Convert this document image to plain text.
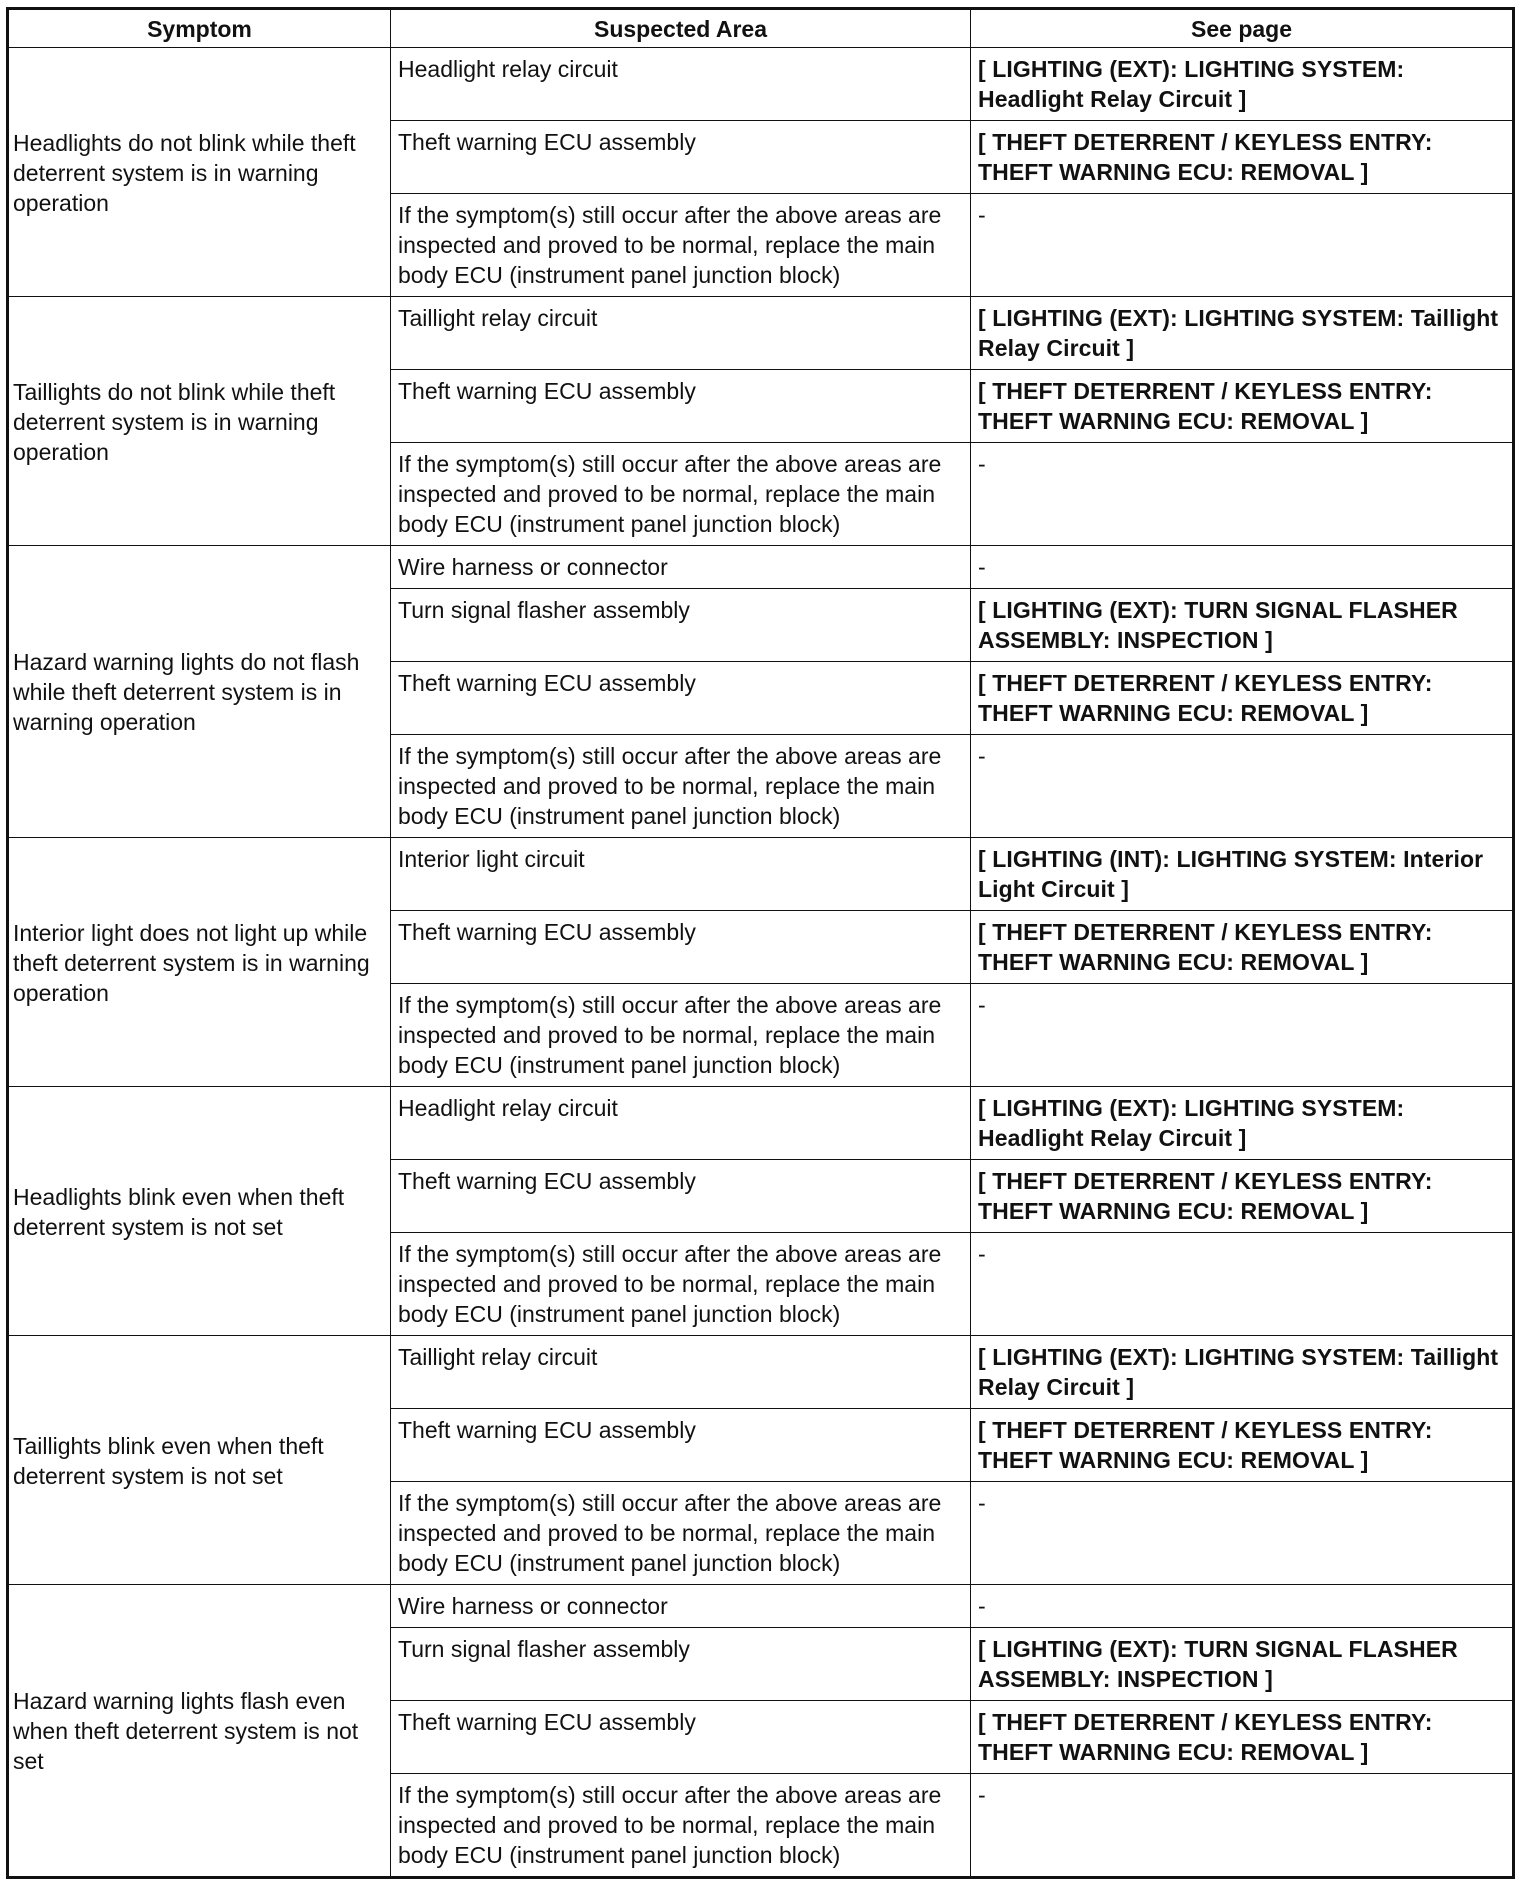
Symptom	Suspected Area	See page
Headlights do not blink while theft deterrent system is in warning operation	Headlight relay circuit	[ LIGHTING (EXT): LIGHTING SYSTEM: Headlight Relay Circuit ]
	Theft warning ECU assembly	[ THEFT DETERRENT / KEYLESS ENTRY: THEFT WARNING ECU: REMOVAL ]
	If the symptom(s) still occur after the above areas are inspected and proved to be normal, replace the main body ECU (instrument panel junction block)	-
Taillights do not blink while theft deterrent system is in warning operation	Taillight relay circuit	[ LIGHTING (EXT): LIGHTING SYSTEM: Taillight Relay Circuit ]
	Theft warning ECU assembly	[ THEFT DETERRENT / KEYLESS ENTRY: THEFT WARNING ECU: REMOVAL ]
	If the symptom(s) still occur after the above areas are inspected and proved to be normal, replace the main body ECU (instrument panel junction block)	-
Hazard warning lights do not flash while theft deterrent system is in warning operation	Wire harness or connector	-
	Turn signal flasher assembly	[ LIGHTING (EXT): TURN SIGNAL FLASHER ASSEMBLY: INSPECTION ]
	Theft warning ECU assembly	[ THEFT DETERRENT / KEYLESS ENTRY: THEFT WARNING ECU: REMOVAL ]
	If the symptom(s) still occur after the above areas are inspected and proved to be normal, replace the main body ECU (instrument panel junction block)	-
Interior light does not light up while theft deterrent system is in warning operation	Interior light circuit	[ LIGHTING (INT): LIGHTING SYSTEM: Interior Light Circuit ]
	Theft warning ECU assembly	[ THEFT DETERRENT / KEYLESS ENTRY: THEFT WARNING ECU: REMOVAL ]
	If the symptom(s) still occur after the above areas are inspected and proved to be normal, replace the main body ECU (instrument panel junction block)	-
Headlights blink even when theft deterrent system is not set	Headlight relay circuit	[ LIGHTING (EXT): LIGHTING SYSTEM: Headlight Relay Circuit ]
	Theft warning ECU assembly	[ THEFT DETERRENT / KEYLESS ENTRY: THEFT WARNING ECU: REMOVAL ]
	If the symptom(s) still occur after the above areas are inspected and proved to be normal, replace the main body ECU (instrument panel junction block)	-
Taillights blink even when theft deterrent system is not set	Taillight relay circuit	[ LIGHTING (EXT): LIGHTING SYSTEM: Taillight Relay Circuit ]
	Theft warning ECU assembly	[ THEFT DETERRENT / KEYLESS ENTRY: THEFT WARNING ECU: REMOVAL ]
	If the symptom(s) still occur after the above areas are inspected and proved to be normal, replace the main body ECU (instrument panel junction block)	-
Hazard warning lights flash even when theft deterrent system is not set	Wire harness or connector	-
	Turn signal flasher assembly	[ LIGHTING (EXT): TURN SIGNAL FLASHER ASSEMBLY: INSPECTION ]
	Theft warning ECU assembly	[ THEFT DETERRENT / KEYLESS ENTRY: THEFT WARNING ECU: REMOVAL ]
	If the symptom(s) still occur after the above areas are inspected and proved to be normal, replace the main body ECU (instrument panel junction block)	-
